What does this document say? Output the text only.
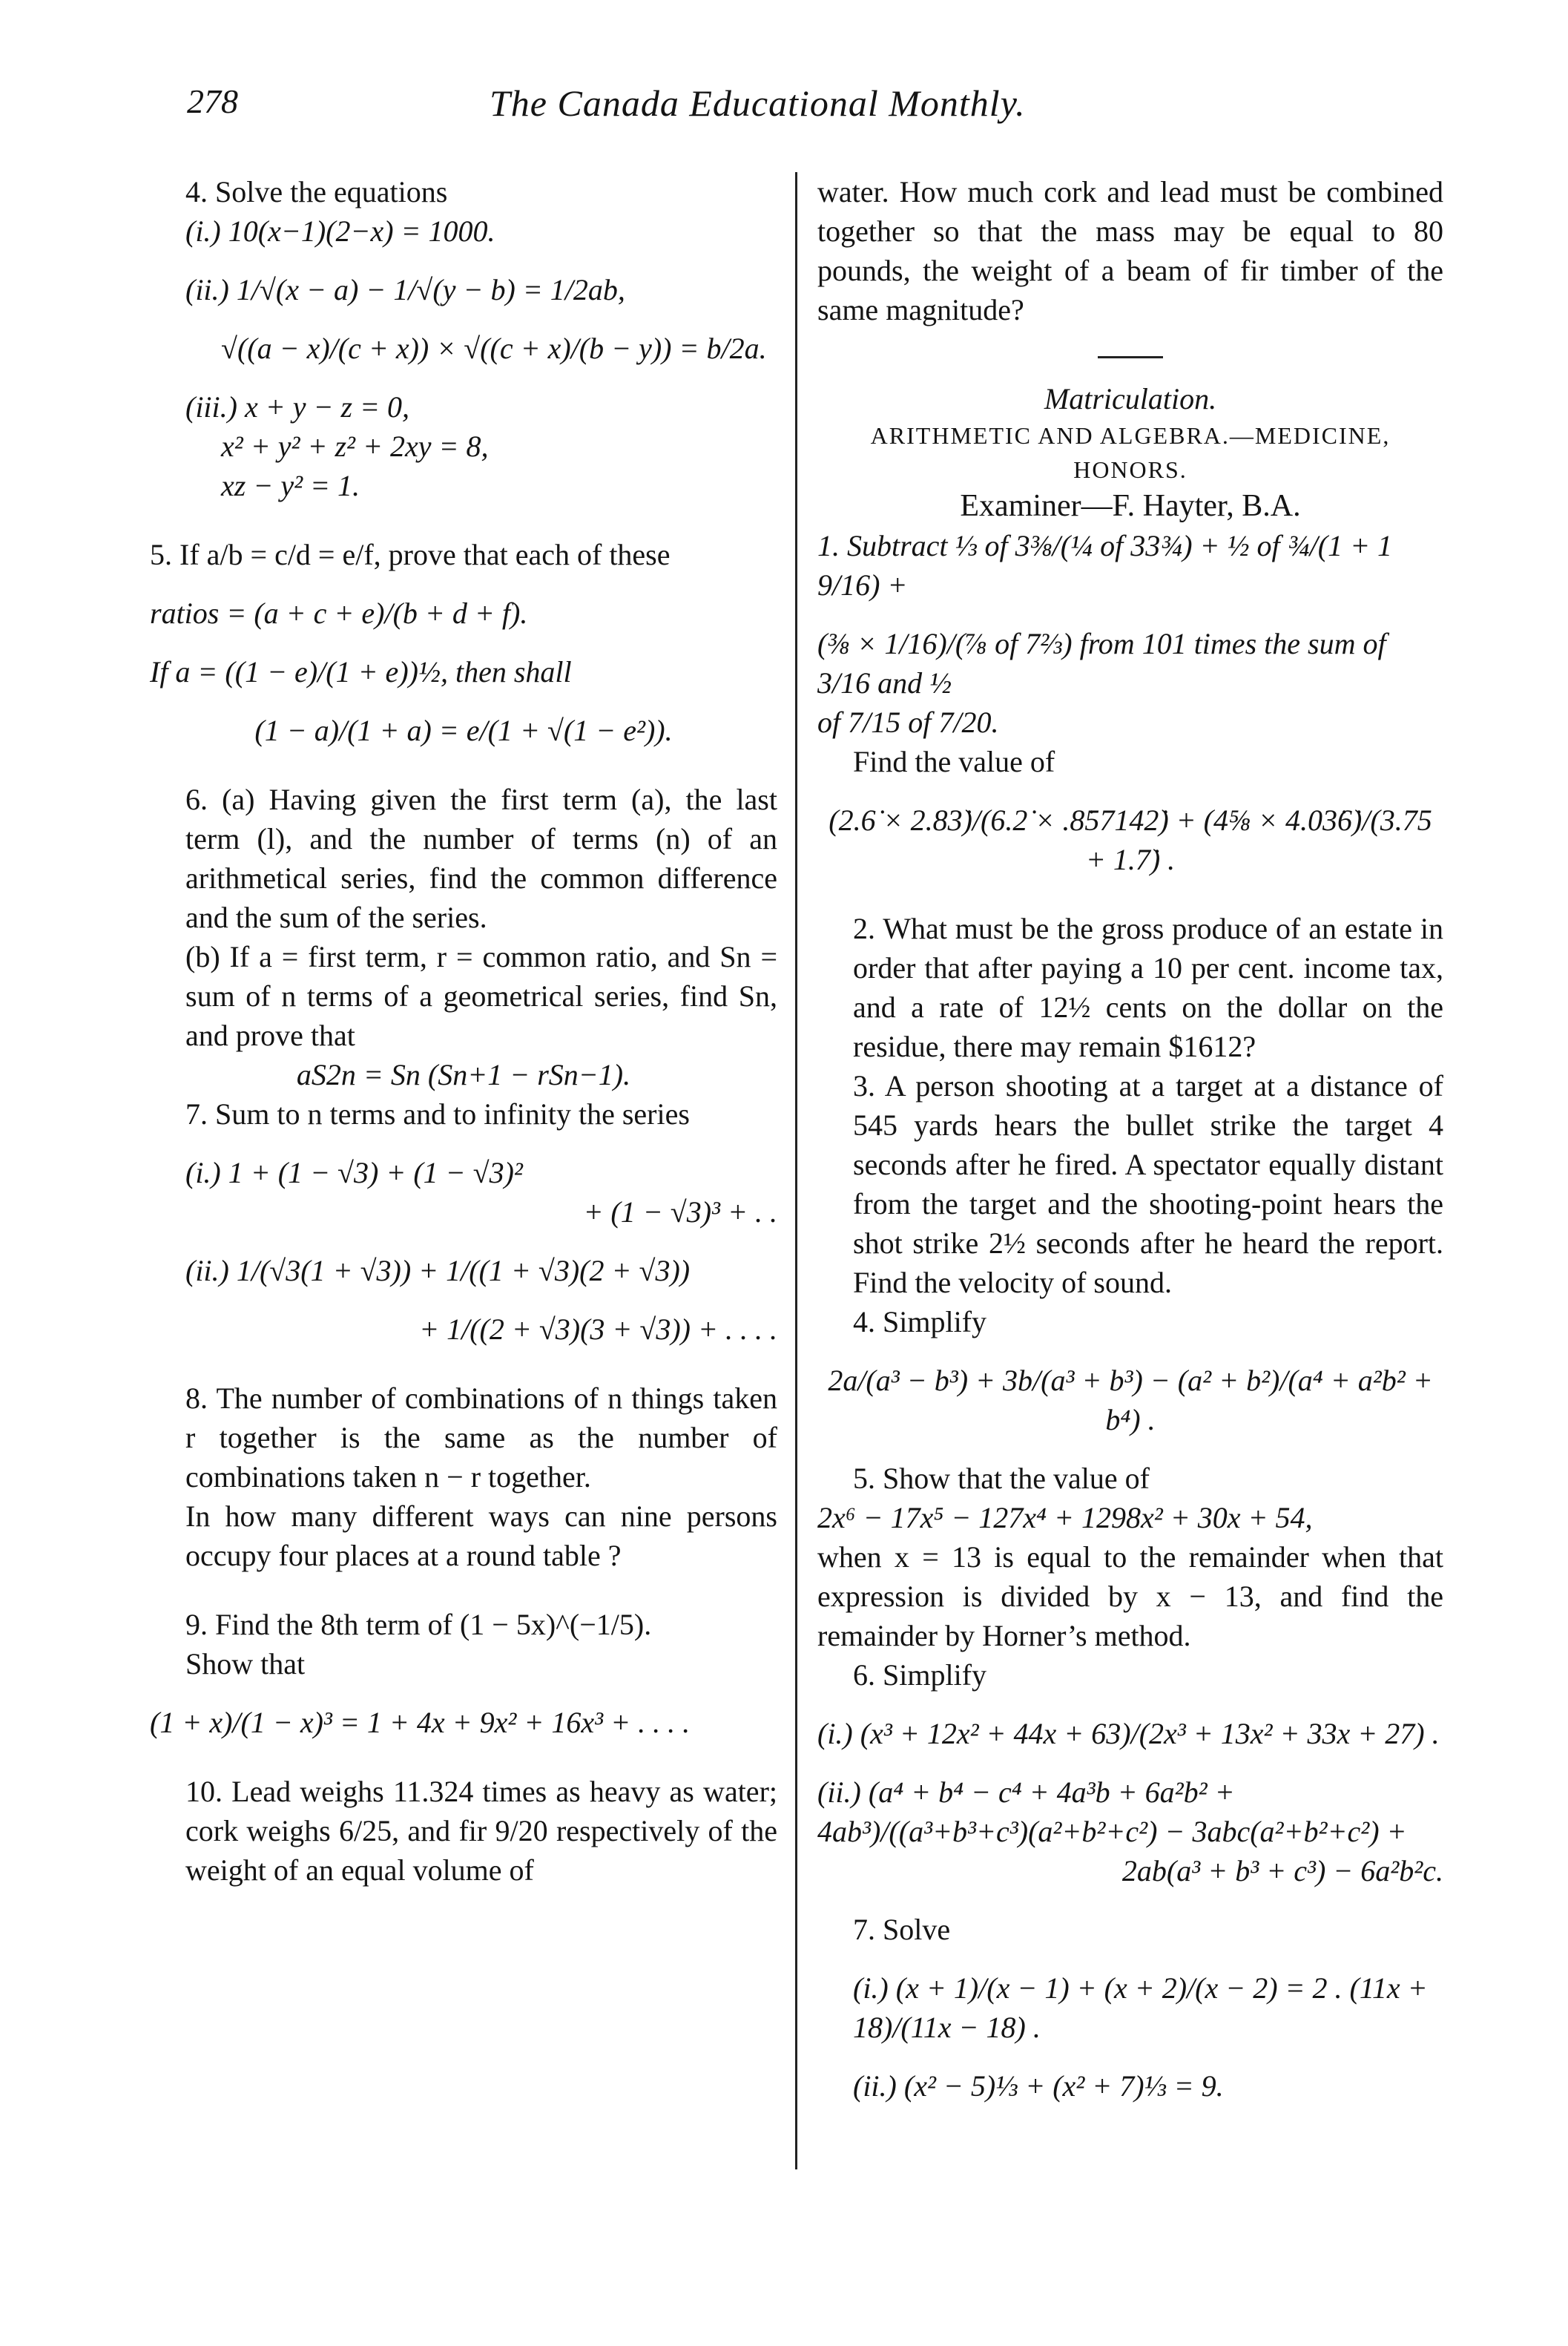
278	The Canada Educational Monthly.

4. Solve the equations

(i.) 10(x−1)(2−x) = 1000.

(ii.) 1/√(x − a) − 1/√(y − b) = 1/2ab,

√((a − x)/(c + x)) × √((c + x)/(b − y)) = b/2a.

(iii.) x + y − z = 0,

x² + y² + z² + 2xy = 8,

xz − y² = 1.

5. If a/b = c/d = e/f, prove that each of these

ratios = (a + c + e)/(b + d + f).

If a = ((1 − e)/(1 + e))½, then shall

(1 − a)/(1 + a) = e/(1 + √(1 − e²)).

6. (a) Having given the first term (a), the last term (l), and the number of terms (n) of an arithmetical series, find the common difference and the sum of the series.

(b) If a = first term, r = common ratio, and Sn = sum of n terms of a geometrical series, find Sn, and prove that

aS2n = Sn (Sn+1 − rSn−1).

7. Sum to n terms and to infinity the series

(i.) 1 + (1 − √3) + (1 − √3)²

+ (1 − √3)³ + . .

(ii.) 1/(√3(1 + √3)) + 1/((1 + √3)(2 + √3))

+ 1/((2 + √3)(3 + √3)) + . . . .

8. The number of combinations of n things taken r together is the same as the number of combinations taken n − r together.

In how many different ways can nine persons occupy four places at a round table ?

9. Find the 8th term of (1 − 5x)^(−1/5).

Show that

(1 + x)/(1 − x)³ = 1 + 4x + 9x² + 16x³ + . . . .

10. Lead weighs 11.324 times as heavy as water; cork weighs 6/25, and fir 9/20 respectively of the weight of an equal volume of

water. How much cork and lead must be combined together so that the mass may be equal to 80 pounds, the weight of a beam of fir timber of the same magnitude?

Matriculation.

ARITHMETIC AND ALGEBRA.—MEDICINE, HONORS.

Examiner—F. Hayter, B.A.

1. Subtract ⅓ of 3⅜/(¼ of 33¾) + ½ of ¾/(1 + 1 9/16) +

(⅜ × 1/16)/(⅞ of 7⅔) from 101 times the sum of 3/16 and ½

of 7/15 of 7/20.

Find the value of

(2.6̇ × 2.83̇)/(6.2̇ × .8̇57142̇) + (4⅝ × 4.03̇6̇)/(3.75 + 1.7̇) .

2. What must be the gross produce of an estate in order that after paying a 10 per cent. income tax, and a rate of 12½ cents on the dollar on the residue, there may remain $1612?

3. A person shooting at a target at a distance of 545 yards hears the bullet strike the target 4 seconds after he fired. A spectator equally distant from the target and the shooting-point hears the shot strike 2½ seconds after he heard the report. Find the velocity of sound.

4. Simplify

2a/(a³ − b³) + 3b/(a³ + b³) − (a² + b²)/(a⁴ + a²b² + b⁴) .

5. Show that the value of

2x⁶ − 17x⁵ − 127x⁴ + 1298x² + 30x + 54,

when x = 13 is equal to the remainder when that expression is divided by x − 13, and find the remainder by Horner’s method.

6. Simplify

(i.) (x³ + 12x² + 44x + 63)/(2x³ + 13x² + 33x + 27) .

(ii.) (a⁴ + b⁴ − c⁴ + 4a³b + 6a²b² + 4ab³)/((a³+b³+c³)(a²+b²+c²) − 3abc(a²+b²+c²) +

2ab(a³ + b³ + c³) − 6a²b²c.

7. Solve

(i.) (x + 1)/(x − 1) + (x + 2)/(x − 2) = 2 . (11x + 18)/(11x − 18) .

(ii.) (x² − 5)⅓ + (x² + 7)⅓ = 9.
